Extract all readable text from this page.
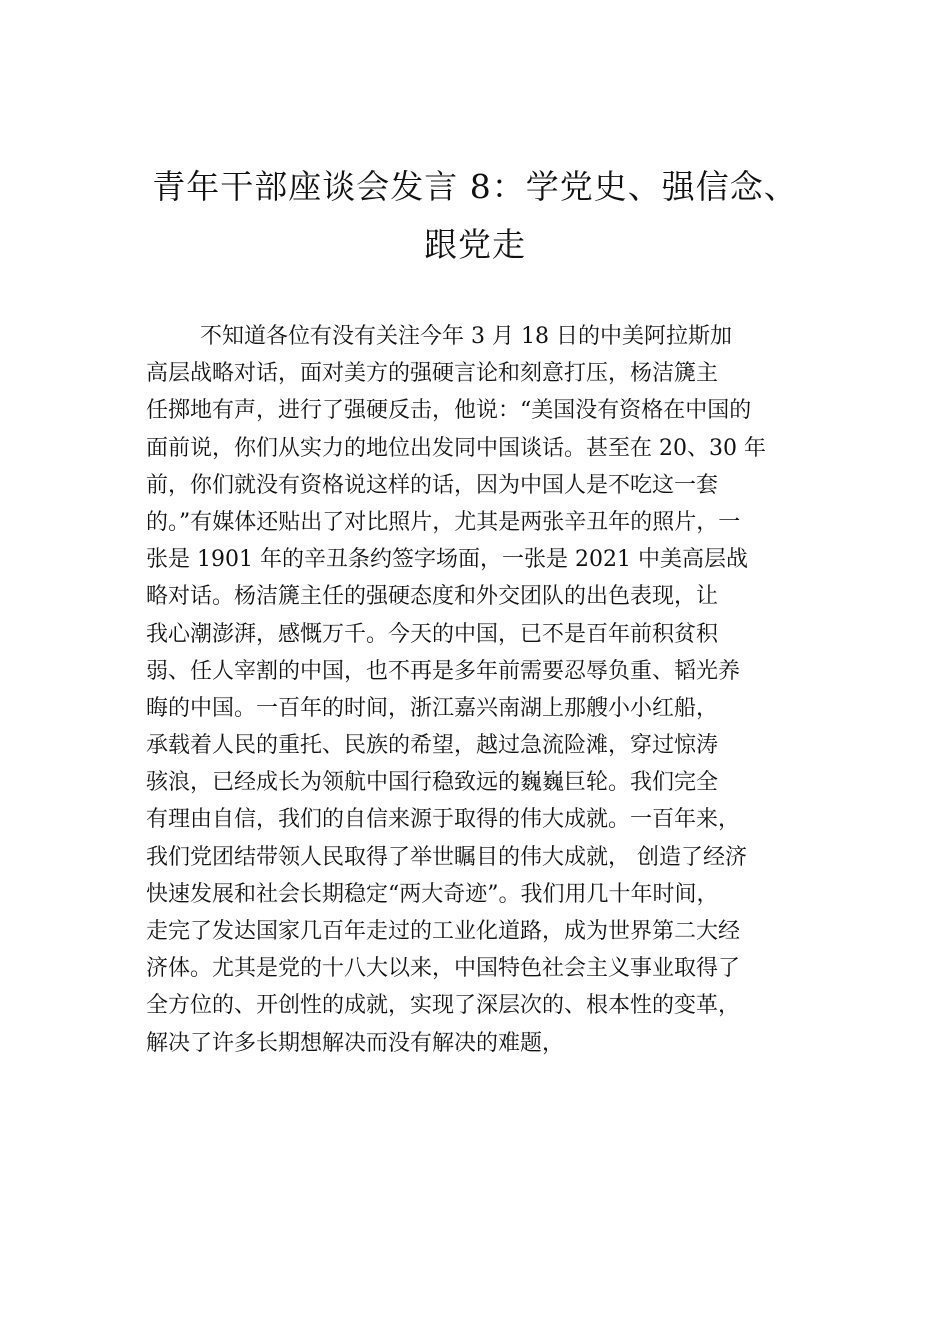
青年干部座谈会发言 8：学党史、强信念、
跟党走
不知道各位有没有关注今年 3 月 18 日的中美阿拉斯加
高层战略对话，面对美方的强硬言论和刻意打压，杨洁篪主
任掷地有声，进行了强硬反击，他说：“美国没有资格在中国的
面前说，你们从实力的地位出发同中国谈话。甚至在 20、30 年
前，你们就没有资格说这样的话，因为中国人是不吃这一套
的。”有媒体还贴出了对比照片，尤其是两张辛丑年的照片，一
张是 1901 年的辛丑条约签字场面，一张是 2021 中美高层战
略对话。杨洁篪主任的强硬态度和外交团队的出色表现，让
我心潮澎湃，感慨万千。今天的中国，已不是百年前积贫积
弱、任人宰割的中国，也不再是多年前需要忍辱负重、韬光养
晦的中国。一百年的时间，浙江嘉兴南湖上那艘小小红船，
承载着人民的重托、民族的希望，越过急流险滩，穿过惊涛
骇浪，已经成长为领航中国行稳致远的巍巍巨轮。我们完全
有理由自信，我们的自信来源于取得的伟大成就。一百年来，
我们党团结带领人民取得了举世瞩目的伟大成就， 创造了经济
快速发展和社会长期稳定“两大奇迹”。我们用几十年时间，
走完了发达国家几百年走过的工业化道路，成为世界第二大经
济体。尤其是党的十八大以来，中国特色社会主义事业取得了
全方位的、开创性的成就，实现了深层次的、根本性的变革，
解决了许多长期想解决而没有解决的难题，
